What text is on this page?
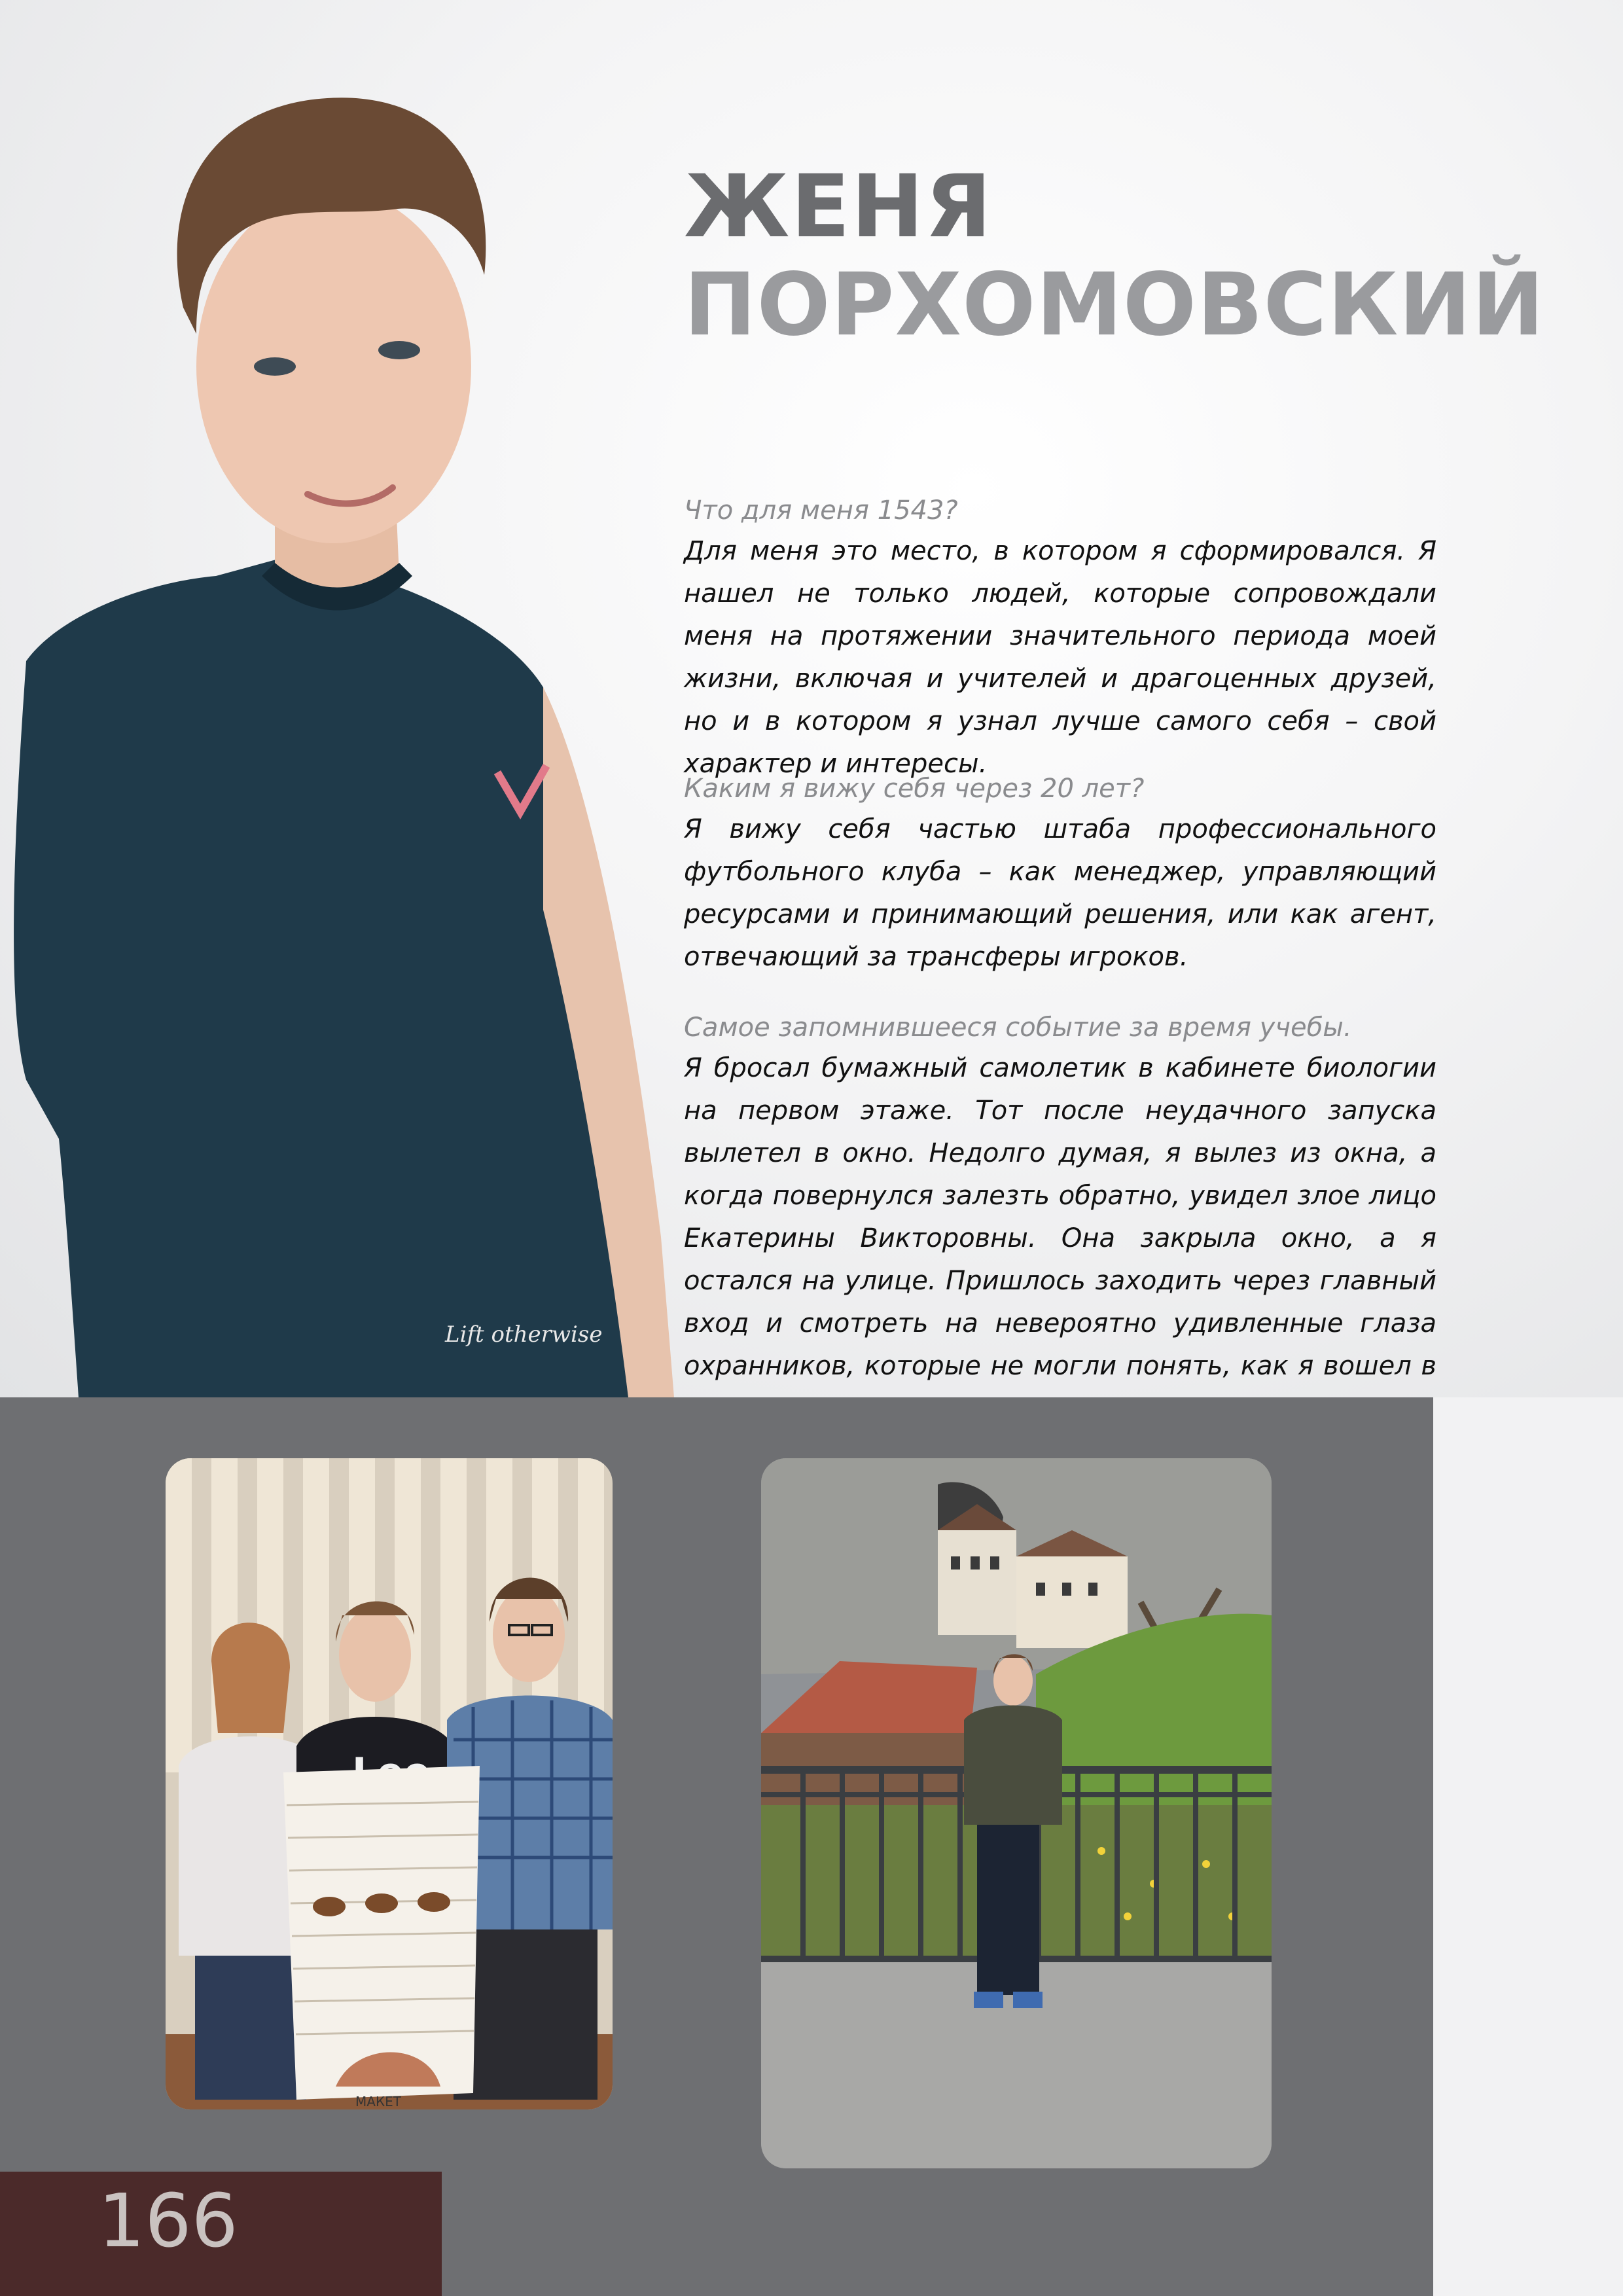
Lift otherwise
ЖЕНЯ
ПОРХОМОВСКИЙ
Что для меня 1543?
Для меня это место, в котором я сформировался. Я нашел не только людей, которые сопровождали меня на протяжении значительного периода моей жизни, включая и учителей и драгоценных друзей, но и в котором я узнал лучше самого себя – свой характер и интересы.
Каким я вижу себя через 20 лет?
Я вижу себя частью штаба профессионального футбольного клуба – как менеджер, управляющий ресурсами и принимающий решения, или как агент, отвечающий за трансферы игроков.
Самое запомнившееся событие за время учебы.
Я бросал бумажный самолетик в кабинете биологии на первом этаже. Тот после неудачного запуска вылетел в окно. Недолго думая, я вылез из окна, а когда повернулся залезть обратно, увидел злое лицо Екатерины Викторовны. Она закрыла окно, а я остался на улице. Пришлось заходить через главный вход и смотреть на невероятно удивленные глаза охранников, которые не могли понять, как я вошел в
МАКЕТ
166
